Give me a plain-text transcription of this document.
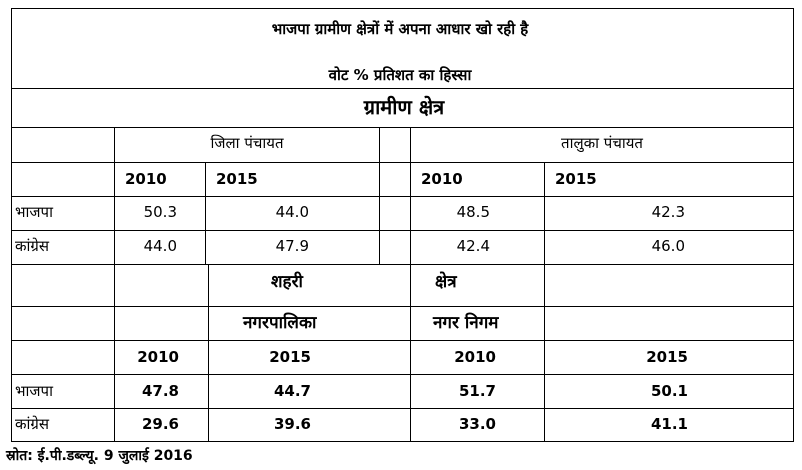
भाजपा ग्रामीण क्षेत्रों में अपना आधार खो रही है
वोट % प्रतिशत का हिस्सा
ग्रामीण क्षेत्र
जिला पंचायत	तालुका पंचायत
2010	2015	2010	2015
भाजपा	50.3	44.0	48.5	42.3
कांग्रेस	44.0	47.9	42.4	46.0
शहरी	क्षेत्र
नगरपालिका	नगर निगम
2010	2015	2010	2015
भाजपा	47.8	44.7	51.7	50.1
कांग्रेस	29.6	39.6	33.0	41.1
स्रोत: ई.पी.डब्ल्यू. 9 जुलाई 2016
